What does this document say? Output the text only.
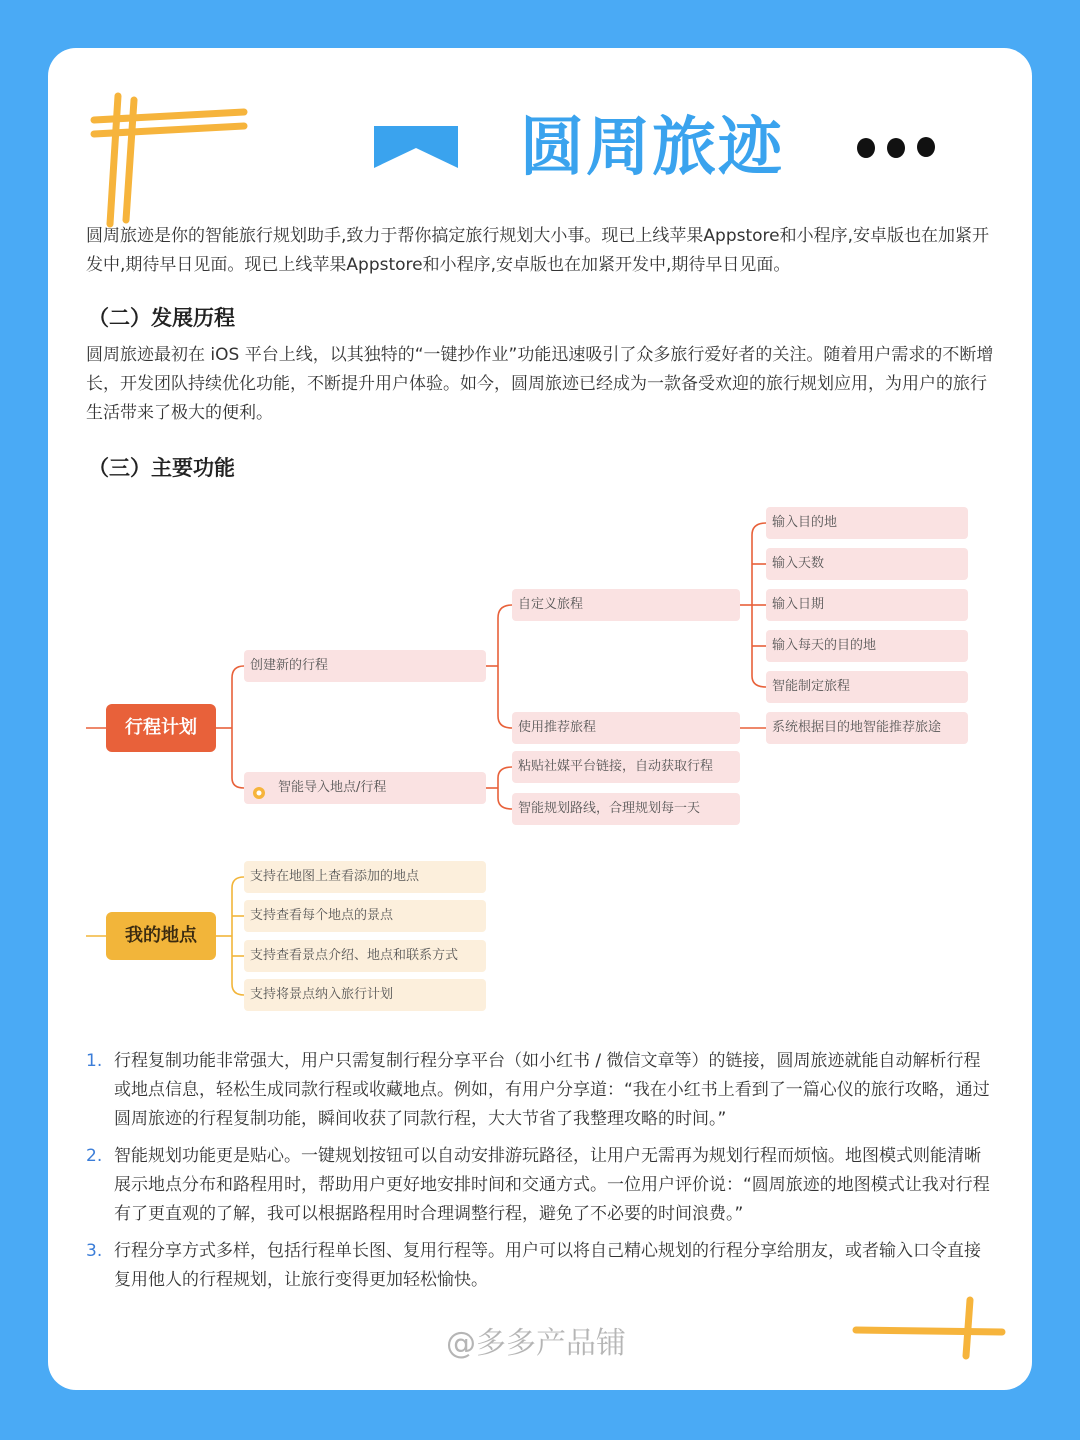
圆周旅迹
圆周旅迹是你的智能旅行规划助手,致力于帮你搞定旅行规划大小事。现已上线苹果Appstore和小程序,安卓版也在加紧开发中,期待早日见面。现已上线苹果Appstore和小程序,安卓版也在加紧开发中,期待早日见面。
（二）发展历程
圆周旅迹最初在 iOS 平台上线，以其独特的“一键抄作业”功能迅速吸引了众多旅行爱好者的关注。随着用户需求的不断增长，开发团队持续优化功能，不断提升用户体验。如今，圆周旅迹已经成为一款备受欢迎的旅行规划应用，为用户的旅行生活带来了极大的便利。
（三）主要功能
行程计划
创建新的行程
智能导入地点/行程
自定义旅程
使用推荐旅程
粘贴社媒平台链接，自动获取行程
智能规划路线，合理规划每一天
输入目的地
输入天数
输入日期
输入每天的目的地
智能制定旅程
系统根据目的地智能推荐旅途
我的地点
支持在地图上查看添加的地点
支持查看每个地点的景点
支持查看景点介绍、地点和联系方式
支持将景点纳入旅行计划
1. 行程复制功能非常强大，用户只需复制行程分享平台（如小红书 / 微信文章等）的链接，圆周旅迹就能自动解析行程或地点信息，轻松生成同款行程或收藏地点。例如，有用户分享道：“我在小红书上看到了一篇心仪的旅行攻略，通过圆周旅迹的行程复制功能，瞬间收获了同款行程，大大节省了我整理攻略的时间。”
2. 智能规划功能更是贴心。一键规划按钮可以自动安排游玩路径，让用户无需再为规划行程而烦恼。地图模式则能清晰展示地点分布和路程用时，帮助用户更好地安排时间和交通方式。一位用户评价说：“圆周旅迹的地图模式让我对行程有了更直观的了解，我可以根据路程用时合理调整行程，避免了不必要的时间浪费。”
3. 行程分享方式多样，包括行程单长图、复用行程等。用户可以将自己精心规划的行程分享给朋友，或者输入口令直接复用他人的行程规划，让旅行变得更加轻松愉快。
@多多产品铺
